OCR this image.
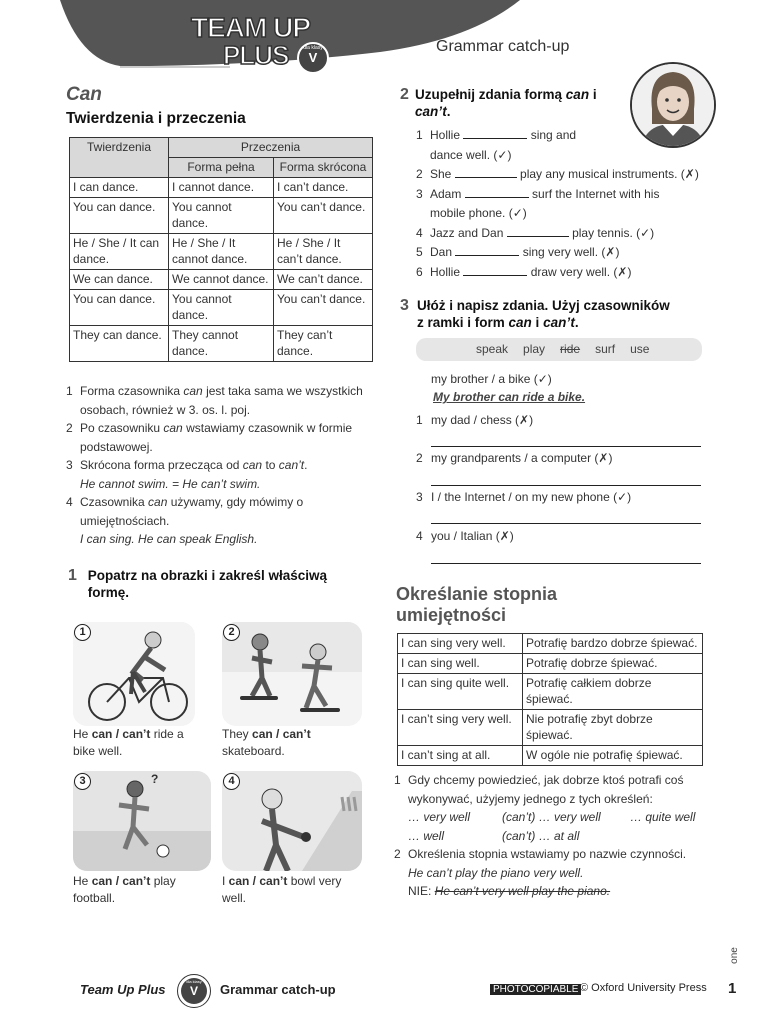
TEAM UP
PLUS	dla klasy
V
Grammar catch-up
Can
Twierdzenia i przeczenia
Twierdzenia	Przeczenia	
	Forma pełna	Forma skrócona
I can dance.	I cannot dance.	I can’t dance.
You can dance.	You cannot dance.	You can’t dance.
He / She / It can dance.	He / She / It cannot dance.	He / She / It can’t dance.
We can dance.	We cannot dance.	We can’t dance.
You can dance.	You cannot dance.	You can’t dance.
They can dance.	They cannot dance.	They can’t dance.
1 Forma czasownika can jest taka sama we wszystkich osobach, również w 3. os. l. poj.
2 Po czasowniku can wstawiamy czasownik w formie podstawowej.
3 Skrócona forma przecząca od can to can’t.
He cannot swim. = He can’t swim.
4 Czasownika can używamy, gdy mówimy o umiejętnościach.
I can sing. He can speak English.
1 Popatrz na obrazki i zakreśl właściwą formę.
1	2
He can / can’t ride a bike well.
They can / can’t
skateboard.
?
3	4
He can / can’t play football.
I can / can’t bowl very well.
2 Uzupełnij zdania formą can i can’t.
1 Hollie	sing and
dance well. (✓)
2 She	play any musical instruments. (✗)
3 Adam	surf the Internet with his
mobile phone. (✓)
4 Jazz and Dan	play tennis. (✓)
5 Dan	sing very well. (✗)
6 Hollie	draw very well. (✗)
3 Ułóż i napisz zdania. Użyj czasowników
z ramki i form can i can’t.
speak play ride surf use
my brother / a bike (✓)
My brother can ride a bike.
1 my dad / chess (✗)
2 my grandparents / a computer (✗)
3 I / the Internet / on my new phone (✓)
4 you / Italian (✗)
Określanie stopnia
umiejętności
I can sing very well.	Potrafię bardzo dobrze śpiewać.
I can sing well.	Potrafię dobrze śpiewać.
I can sing quite well.	Potrafię całkiem dobrze śpiewać.
I can’t sing very well.	Nie potrafię zbyt dobrze śpiewać.
I can’t sing at all.	W ogóle nie potrafię śpiewać.
1 Gdy chcemy powiedzieć, jak dobrze ktoś potrafi coś wykonywać, użyjemy jednego z tych określeń:
… very well	(can’t) … very well	… quite well
… well	(can’t) … at all
2 Określenia stopnia wstawiamy po nazwie czynności.
He can’t play the piano very well.
NIE: He can’t very well play the piano.
Team Up Plus
dla klasy
V	Grammar catch-up	PHOTOCOPIABLE © Oxford University Press 1
one
